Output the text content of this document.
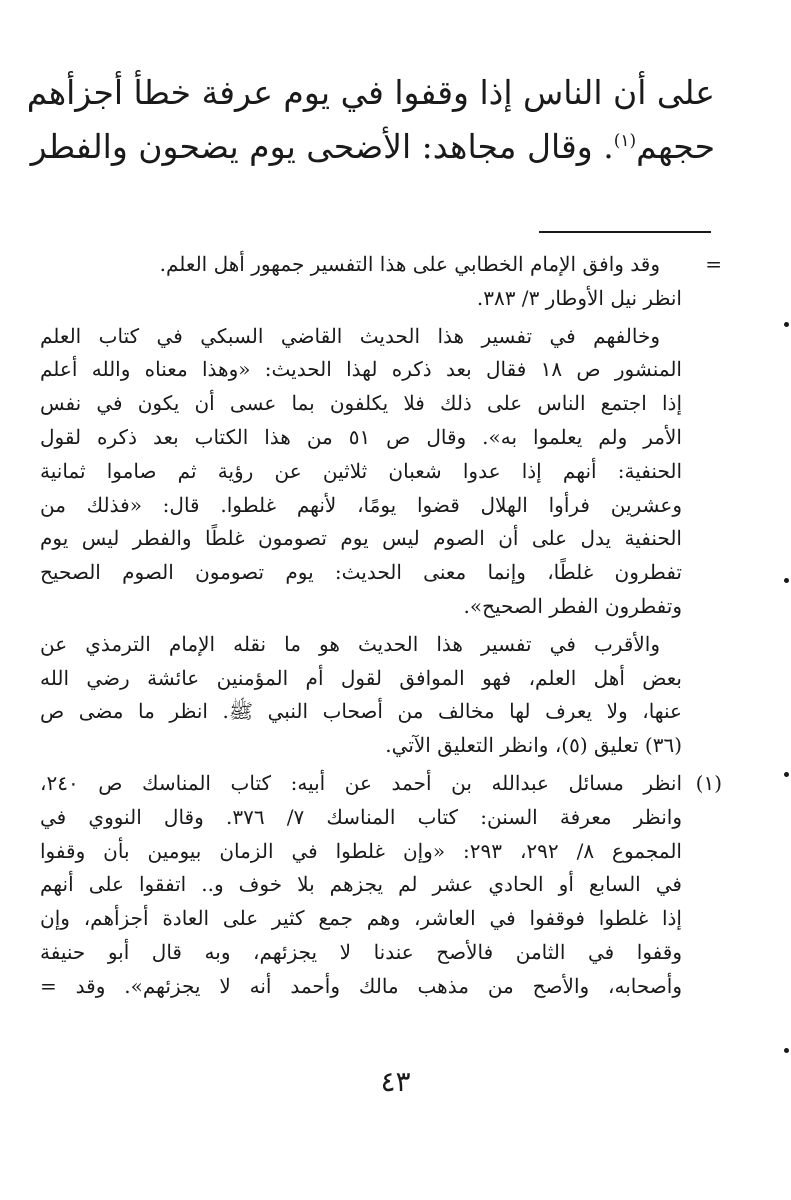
على أن الناس إذا وقفوا في يوم عرفة خطأ أجزأهم
حجهم$^{(١)}$. وقال مجاهد: الأضحى يوم يضحون والفطر
=
وقد وافق الإمام الخطابي على هذا التفسير جمهور أهل العلم.
انظر نيل الأوطار ٣/ ٣٨٣.
وخالفهم في تفسير هذا الحديث القاضي السبكي في كتاب العلم
المنشور ص ١٨ فقال بعد ذكره لهذا الحديث: «وهذا معناه والله أعلم
إذا اجتمع الناس على ذلك فلا يكلفون بما عسى أن يكون في نفس
الأمر ولم يعلموا به». وقال ص ٥١ من هذا الكتاب بعد ذكره لقول
الحنفية: أنهم إذا عدوا شعبان ثلاثين عن رؤية ثم صاموا ثمانية
وعشرين فرأوا الهلال قضوا يومًا، لأنهم غلطوا. قال: «فذلك من
الحنفية يدل على أن الصوم ليس يوم تصومون غلطًا والفطر ليس يوم
تفطرون غلطًا، وإنما معنى الحديث: يوم تصومون الصوم الصحيح
وتفطرون الفطر الصحيح».
والأقرب في تفسير هذا الحديث هو ما نقله الإمام الترمذي عن
بعض أهل العلم، فهو الموافق لقول أم المؤمنين عائشة رضي الله
عنها، ولا يعرف لها مخالف من أصحاب النبي ﷺ. انظر ما مضى ص
(٣٦) تعليق (٥)، وانظر التعليق الآتي.
(١)
انظر مسائل عبدالله بن أحمد عن أبيه: كتاب المناسك ص ٢٤٠،
وانظر معرفة السنن: كتاب المناسك ٧/ ٣٧٦. وقال النووي في
المجموع ٨/ ٢٩٢، ٢٩٣: «وإن غلطوا في الزمان بيومين بأن وقفوا
في السابع أو الحادي عشر لم يجزهم بلا خوف و.. اتفقوا على أنهم
إذا غلطوا فوقفوا في العاشر، وهم جمع كثير على العادة أجزأهم، وإن
وقفوا في الثامن فالأصح عندنا لا يجزئهم، وبه قال أبو حنيفة
وأصحابه، والأصح من مذهب مالك وأحمد أنه لا يجزئهم». وقد =
٤٣
